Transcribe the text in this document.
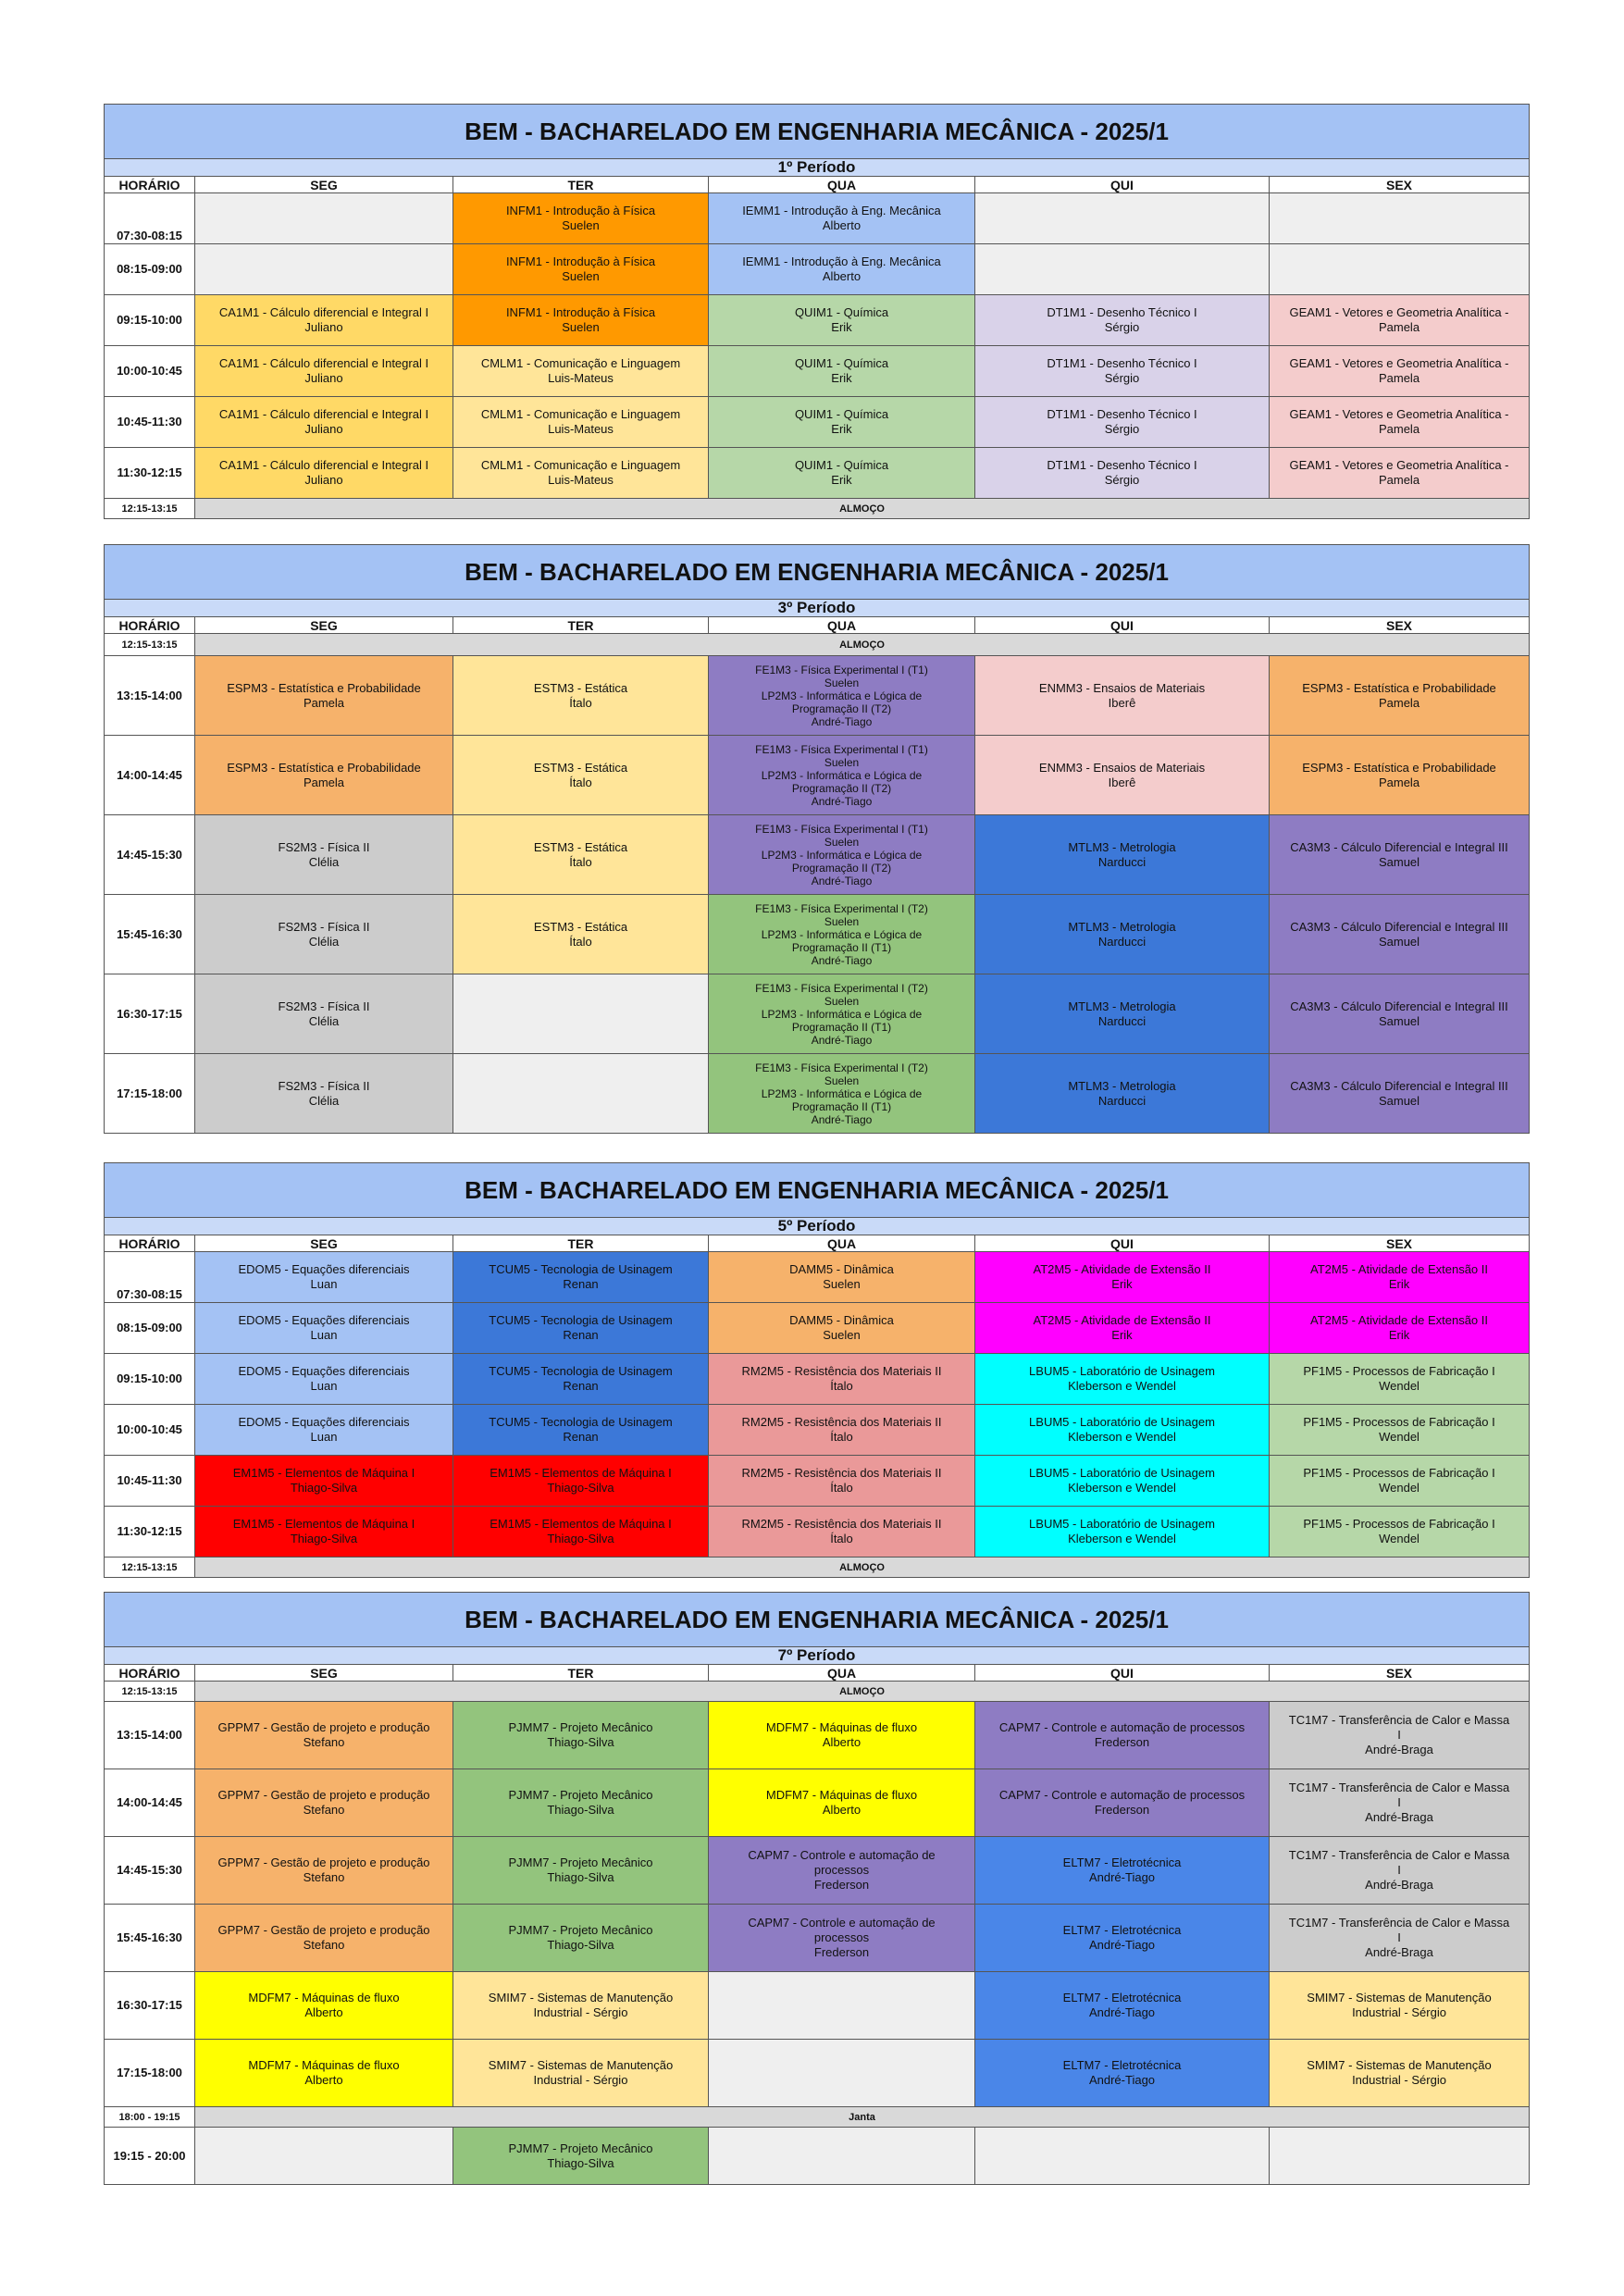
BEM - BACHARELADO EM ENGENHARIA MECÂNICA - 2025/1					
1º Período					
HORÁRIO	SEG	TER	QUA	QUI	SEX
07:30-08:15		INFM1 - Introdução à Física
Suelen	IEMM1 - Introdução à Eng. Mecânica
Alberto		

08:15-09:00		INFM1 - Introdução à Física
Suelen	IEMM1 - Introdução à Eng. Mecânica
Alberto		

09:15-10:00	CA1M1 - Cálculo diferencial e Integral I
Juliano	INFM1 - Introdução à Física
Suelen	QUIM1 - Química
Erik	DT1M1 - Desenho Técnico I
Sérgio	GEAM1 - Vetores e Geometria Analítica -
Pamela

10:00-10:45	CA1M1 - Cálculo diferencial e Integral I
Juliano	CMLM1 - Comunicação e Linguagem
Luis-Mateus	QUIM1 - Química
Erik	DT1M1 - Desenho Técnico I
Sérgio	GEAM1 - Vetores e Geometria Analítica -
Pamela

10:45-11:30	CA1M1 - Cálculo diferencial e Integral I
Juliano	CMLM1 - Comunicação e Linguagem
Luis-Mateus	QUIM1 - Química
Erik	DT1M1 - Desenho Técnico I
Sérgio	GEAM1 - Vetores e Geometria Analítica -
Pamela

11:30-12:15	CA1M1 - Cálculo diferencial e Integral I
Juliano	CMLM1 - Comunicação e Linguagem
Luis-Mateus	QUIM1 - Química
Erik	DT1M1 - Desenho Técnico I
Sérgio	GEAM1 - Vetores e Geometria Analítica -
Pamela

12:15-13:15	ALMOÇO				
BEM - BACHARELADO EM ENGENHARIA MECÂNICA - 2025/1					
3º Período					
HORÁRIO	SEG	TER	QUA	QUI	SEX
12:15-13:15	ALMOÇO				
13:15-14:00	ESPM3 - Estatística e Probabilidade
Pamela	ESTM3 - Estática
Ítalo	FE1M3 - Física Experimental I (T1)
Suelen
LP2M3 - Informática e Lógica de
Programação II (T2)
André-Tiago	ENMM3 - Ensaios de Materiais
Iberê	ESPM3 - Estatística e Probabilidade
Pamela

14:00-14:45	ESPM3 - Estatística e Probabilidade
Pamela	ESTM3 - Estática
Ítalo	FE1M3 - Física Experimental I (T1)
Suelen
LP2M3 - Informática e Lógica de
Programação II (T2)
André-Tiago	ENMM3 - Ensaios de Materiais
Iberê	ESPM3 - Estatística e Probabilidade
Pamela

14:45-15:30	FS2M3 - Física II
Clélia	ESTM3 - Estática
Ítalo	FE1M3 - Física Experimental I (T1)
Suelen
LP2M3 - Informática e Lógica de
Programação II (T2)
André-Tiago	MTLM3 - Metrologia
Narducci	CA3M3 - Cálculo Diferencial e Integral III
Samuel

15:45-16:30	FS2M3 - Física II
Clélia	ESTM3 - Estática
Ítalo	FE1M3 - Física Experimental I (T2)
Suelen
LP2M3 - Informática e Lógica de
Programação II (T1)
André-Tiago	MTLM3 - Metrologia
Narducci	CA3M3 - Cálculo Diferencial e Integral III
Samuel

16:30-17:15	FS2M3 - Física II
Clélia		FE1M3 - Física Experimental I (T2)
Suelen
LP2M3 - Informática e Lógica de
Programação II (T1)
André-Tiago	MTLM3 - Metrologia
Narducci	CA3M3 - Cálculo Diferencial e Integral III
Samuel

17:15-18:00	FS2M3 - Física II
Clélia		FE1M3 - Física Experimental I (T2)
Suelen
LP2M3 - Informática e Lógica de
Programação II (T1)
André-Tiago	MTLM3 - Metrologia
Narducci	CA3M3 - Cálculo Diferencial e Integral III
Samuel
BEM - BACHARELADO EM ENGENHARIA MECÂNICA - 2025/1					
5º Período					
HORÁRIO	SEG	TER	QUA	QUI	SEX
07:30-08:15	EDOM5 - Equações diferenciais
Luan	TCUM5 - Tecnologia de Usinagem
Renan	DAMM5 - Dinâmica
Suelen	AT2M5 - Atividade de Extensão II
Erik	AT2M5 - Atividade de Extensão II
Erik

08:15-09:00	EDOM5 - Equações diferenciais
Luan	TCUM5 - Tecnologia de Usinagem
Renan	DAMM5 - Dinâmica
Suelen	AT2M5 - Atividade de Extensão II
Erik	AT2M5 - Atividade de Extensão II
Erik

09:15-10:00	EDOM5 - Equações diferenciais
Luan	TCUM5 - Tecnologia de Usinagem
Renan	RM2M5 - Resistência dos Materiais II
Ítalo	LBUM5 - Laboratório de Usinagem
Kleberson e Wendel	PF1M5 - Processos de Fabricação I
Wendel

10:00-10:45	EDOM5 - Equações diferenciais
Luan	TCUM5 - Tecnologia de Usinagem
Renan	RM2M5 - Resistência dos Materiais II
Ítalo	LBUM5 - Laboratório de Usinagem
Kleberson e Wendel	PF1M5 - Processos de Fabricação I
Wendel

10:45-11:30	EM1M5 - Elementos de Máquina I
Thiago-Silva	EM1M5 - Elementos de Máquina I
Thiago-Silva	RM2M5 - Resistência dos Materiais II
Ítalo	LBUM5 - Laboratório de Usinagem
Kleberson e Wendel	PF1M5 - Processos de Fabricação I
Wendel

11:30-12:15	EM1M5 - Elementos de Máquina I
Thiago-Silva	EM1M5 - Elementos de Máquina I
Thiago-Silva	RM2M5 - Resistência dos Materiais II
Ítalo	LBUM5 - Laboratório de Usinagem
Kleberson e Wendel	PF1M5 - Processos de Fabricação I
Wendel

12:15-13:15	ALMOÇO				
BEM - BACHARELADO EM ENGENHARIA MECÂNICA - 2025/1					
7º Período					
HORÁRIO	SEG	TER	QUA	QUI	SEX
12:15-13:15	ALMOÇO				
13:15-14:00	GPPM7 - Gestão de projeto e produção
Stefano	PJMM7 - Projeto Mecânico
Thiago-Silva	MDFM7 - Máquinas de fluxo
Alberto	CAPM7 - Controle e automação de processos
Frederson	TC1M7 - Transferência de Calor e Massa
I
André-Braga

14:00-14:45	GPPM7 - Gestão de projeto e produção
Stefano	PJMM7 - Projeto Mecânico
Thiago-Silva	MDFM7 - Máquinas de fluxo
Alberto	CAPM7 - Controle e automação de processos
Frederson	TC1M7 - Transferência de Calor e Massa
I
André-Braga

14:45-15:30	GPPM7 - Gestão de projeto e produção
Stefano	PJMM7 - Projeto Mecânico
Thiago-Silva	CAPM7 - Controle e automação de
processos
Frederson	ELTM7 - Eletrotécnica
André-Tiago	TC1M7 - Transferência de Calor e Massa
I
André-Braga

15:45-16:30	GPPM7 - Gestão de projeto e produção
Stefano	PJMM7 - Projeto Mecânico
Thiago-Silva	CAPM7 - Controle e automação de
processos
Frederson	ELTM7 - Eletrotécnica
André-Tiago	TC1M7 - Transferência de Calor e Massa
I
André-Braga

16:30-17:15	MDFM7 - Máquinas de fluxo
Alberto	SMIM7 - Sistemas de Manutenção
Industrial - Sérgio		ELTM7 - Eletrotécnica
André-Tiago	SMIM7 - Sistemas de Manutenção
Industrial - Sérgio

17:15-18:00	MDFM7 - Máquinas de fluxo
Alberto	SMIM7 - Sistemas de Manutenção
Industrial - Sérgio		ELTM7 - Eletrotécnica
André-Tiago	SMIM7 - Sistemas de Manutenção
Industrial - Sérgio

18:00 - 19:15	Janta				
19:15 - 20:00		PJMM7 - Projeto Mecânico
Thiago-Silva			
